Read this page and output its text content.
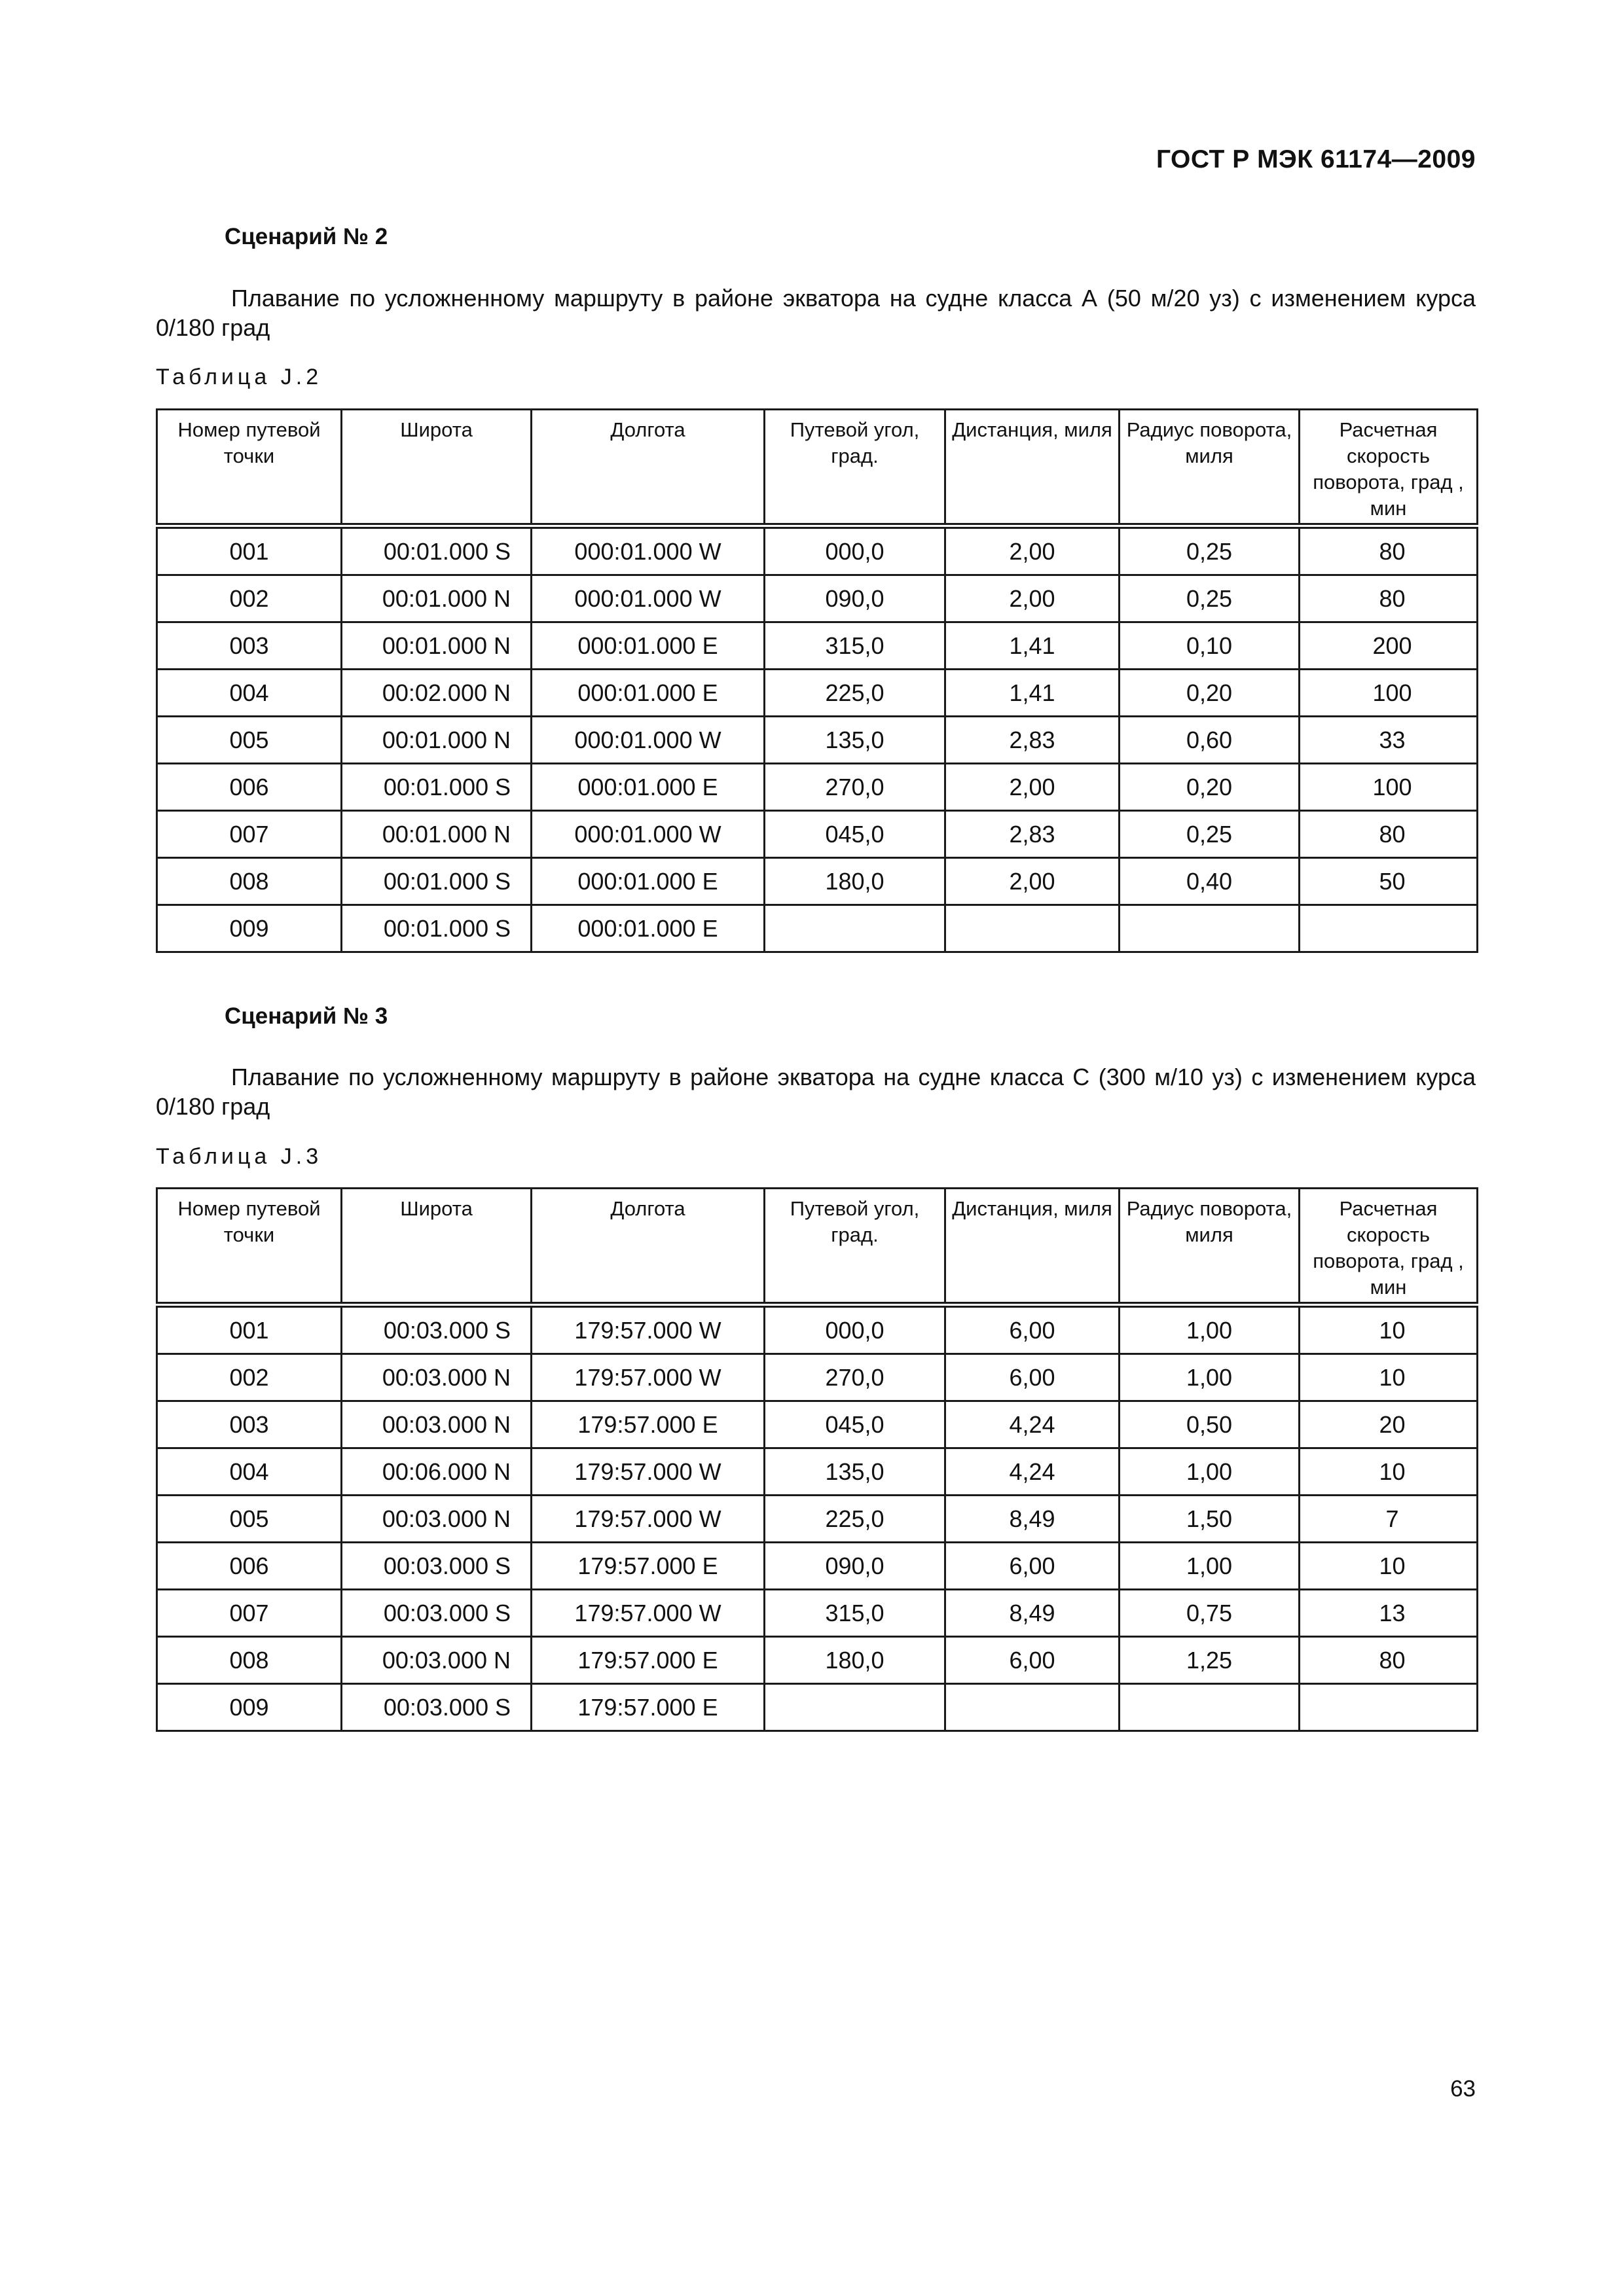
ГОСТ Р МЭК 61174—2009
Сценарий № 2
Плавание по усложненному маршруту в районе экватора на судне класса А (50 м/20 уз) с изменением курса 0/180 град
Таблица J.2
Номер путевой точки	Широта	Долгота	Путевой угол, град.	Дистанция, миля	Радиус поворота, миля	Расчетная скорость поворота, град , мин
001	00:01.000 S	000:01.000 W	000,0	2,00	0,25	80
002	00:01.000 N	000:01.000 W	090,0	2,00	0,25	80
003	00:01.000 N	000:01.000 E	315,0	1,41	0,10	200
004	00:02.000 N	000:01.000 E	225,0	1,41	0,20	100
005	00:01.000 N	000:01.000 W	135,0	2,83	0,60	33
006	00:01.000 S	000:01.000 E	270,0	2,00	0,20	100
007	00:01.000 N	000:01.000 W	045,0	2,83	0,25	80
008	00:01.000 S	000:01.000 E	180,0	2,00	0,40	50
009	00:01.000 S	000:01.000 E				
Сценарий № 3
Плавание по усложненному маршруту в районе экватора на судне класса С (300 м/10 уз) с изменением курса 0/180 град
Таблица J.3
Номер путевой точки	Широта	Долгота	Путевой угол, град.	Дистанция, миля	Радиус поворота, миля	Расчетная скорость поворота, град , мин
001	00:03.000 S	179:57.000 W	000,0	6,00	1,00	10
002	00:03.000 N	179:57.000 W	270,0	6,00	1,00	10
003	00:03.000 N	179:57.000 E	045,0	4,24	0,50	20
004	00:06.000 N	179:57.000 W	135,0	4,24	1,00	10
005	00:03.000 N	179:57.000 W	225,0	8,49	1,50	7
006	00:03.000 S	179:57.000 E	090,0	6,00	1,00	10
007	00:03.000 S	179:57.000 W	315,0	8,49	0,75	13
008	00:03.000 N	179:57.000 E	180,0	6,00	1,25	80
009	00:03.000 S	179:57.000 E				
63
